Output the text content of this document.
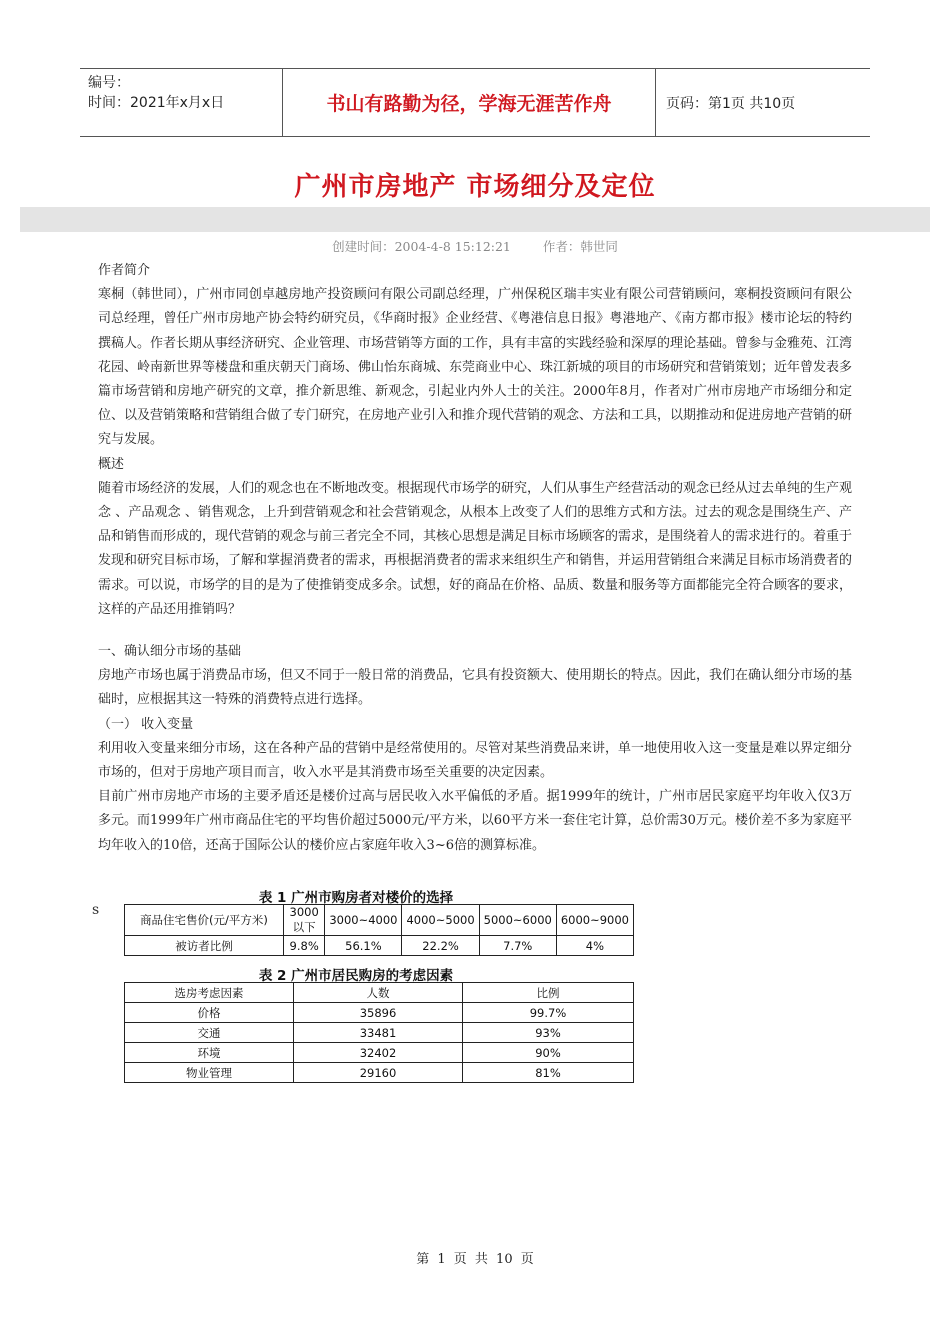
编号：
时间：2021年x月x日	书山有路勤为径，学海无涯苦作舟	页码：第1页 共10页
广州市房地产 市场细分及定位
创建时间：2004-4-8 15:12:21	作者：韩世同

作者简介

寒桐（韩世同），广州市同创卓越房地产投资顾问有限公司副总经理，广州保税区瑞丰实业有限公司营销顾问，寒桐投资顾问有限公司总经理，曾任广州市房地产协会特约研究员，《华商时报》企业经营、《粤港信息日报》粤港地产、《南方都市报》楼市论坛的特约撰稿人。作者长期从事经济研究、企业管理、市场营销等方面的工作，具有丰富的实践经验和深厚的理论基础。曾参与金雅苑、江湾花园、岭南新世界等楼盘和重庆朝天门商场、佛山怡东商城、东莞商业中心、珠江新城的项目的市场研究和营销策划；近年曾发表多篇市场营销和房地产研究的文章，推介新思维、新观念，引起业内外人士的关注。2000年8月，作者对广州市房地产市场细分和定位、以及营销策略和营销组合做了专门研究，在房地产业引入和推介现代营销的观念、方法和工具，以期推动和促进房地产营销的研究与发展。

概述

随着市场经济的发展，人们的观念也在不断地改变。根据现代市场学的研究，人们从事生产经营活动的观念已经从过去单纯的生产观念 、产品观念 、销售观念，上升到营销观念和社会营销观念，从根本上改变了人们的思维方式和方法。过去的观念是围绕生产、产品和销售而形成的，现代营销的观念与前三者完全不同，其核心思想是满足目标市场顾客的需求，是围绕着人的需求进行的。着重于发现和研究目标市场，了解和掌握消费者的需求，再根据消费者的需求来组织生产和销售，并运用营销组合来满足目标市场消费者的需求。可以说，市场学的目的是为了使推销变成多余。试想，好的商品在价格、品质、数量和服务等方面都能完全符合顾客的要求，这样的产品还用推销吗？

一、确认细分市场的基础

房地产市场也属于消费品市场，但又不同于一般日常的消费品，它具有投资额大、使用期长的特点。因此，我们在确认细分市场的基础时，应根据其这一特殊的消费特点进行选择。

（一） 收入变量

利用收入变量来细分市场，这在各种产品的营销中是经常使用的。尽管对某些消费品来讲，单一地使用收入这一变量是难以界定细分市场的，但对于房地产项目而言，收入水平是其消费市场至关重要的决定因素。

目前广州市房地产市场的主要矛盾还是楼价过高与居民收入水平偏低的矛盾。据1999年的统计，广州市居民家庭平均年收入仅3万多元。而1999年广州市商品住宅的平均售价超过5000元/平方米，以60平方米一套住宅计算，总价需30万元。楼价差不多为家庭平均年收入的10倍，还高于国际公认的楼价应占家庭年收入3~6倍的测算标准。

s
表 1 广州市购房者对楼价的选择
商品住宅售价(元/平方米)	3000 以下	3000~4000	4000~5000	5000~6000	6000~9000
被访者比例	9.8%	56.1%	22.2%	7.7%	4%
表 2 广州市居民购房的考虑因素
选房考虑因素	人数	比例
价格	35896	99.7%
交通	33481	93%
环境	32402	90%
物业管理	29160	81%
第 1 页 共 10 页
